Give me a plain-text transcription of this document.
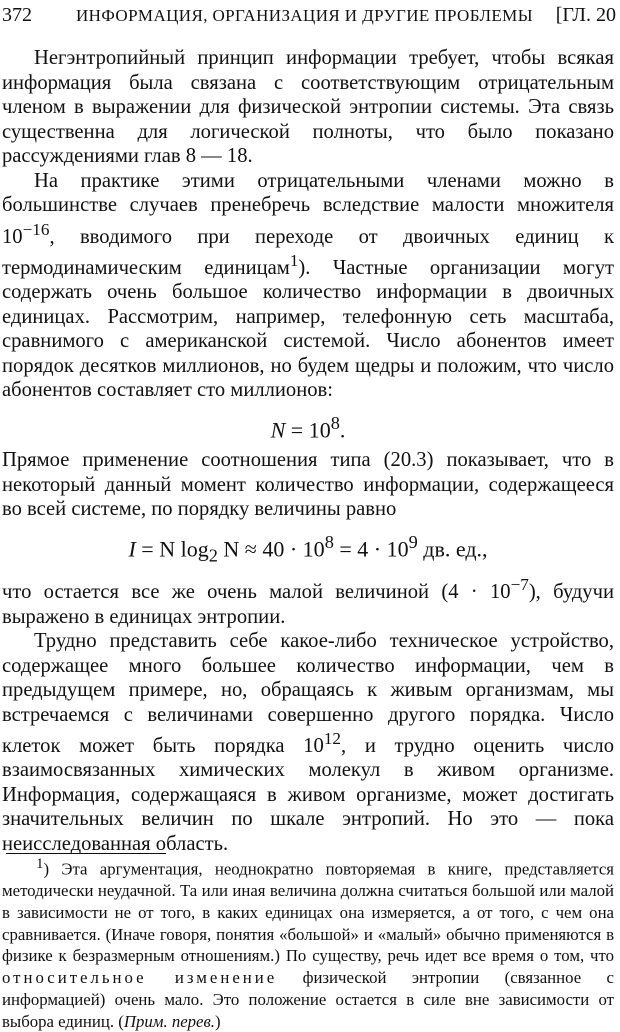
372	ИНФОРМАЦИЯ, ОРГАНИЗАЦИЯ И ДРУГИЕ ПРОБЛЕМЫ [ГЛ. 20

Негэнтропийный принцип информации требует, чтобы всякая информация была связана с соответствующим отрицательным членом в выражении для физической энтропии системы. Эта связь существенна для логической полноты, что было показано рассуждениями глав 8 — 18.

На практике этими отрицательными членами можно в большинстве случаев пренебречь вследствие малости множителя $10^{-16}$, вводимого при переходе от двоичных единиц к термодинамическим единицам$^1$). Частные организации могут содержать очень большое количество информации в двоичных единицах. Рассмотрим, например, телефонную сеть масштаба, сравнимого с американской системой. Число абонентов имеет порядок десятков миллионов, но будем щедры и положим, что число абонентов составляет сто миллионов:

$N = 10^8$.

Прямое применение соотношения типа (20.3) показывает, что в некоторый данный момент количество информации, содержащееся во всей системе, по порядку величины равно

I = N $\log_2 N \approx 40 \cdot 10^8 = 4 \cdot 10^9$ дв. ед.,

что остается все же очень малой величиной $(4 \cdot 10^{-7})$, будучи выражено в единицах энтропии.

Трудно представить себе какое-либо техническое устройство, содержащее много большее количество информации, чем в предыдущем примере, но, обращаясь к живым организмам, мы встречаемся с величинами совершенно другого порядка. Число клеток может быть порядка $10^{12}$, и трудно оценить число взаимосвязанных химических молекул в живом организме. Информация, содержащаяся в живом организме, может достигать значительных величин по шкале энтропий. Но это — пока неисследованная область.

$^1$) Эта аргументация, неоднократно повторяемая в книге, представляется методически неудачной. Та или иная величина должна считаться большой или малой в зависимости не от того, в каких единицах она измеряется, а от того, с чем она сравнивается. (Иначе говоря, понятия «большой» и «малый» обычно применяются в физике к безразмерным отношениям.) По существу, речь идет все время о том, что относительное изменение физической энтропии (связанное с информацией) очень мало. Это положение остается в силе вне зависимости от выбора единиц. (Прим. перев.)
